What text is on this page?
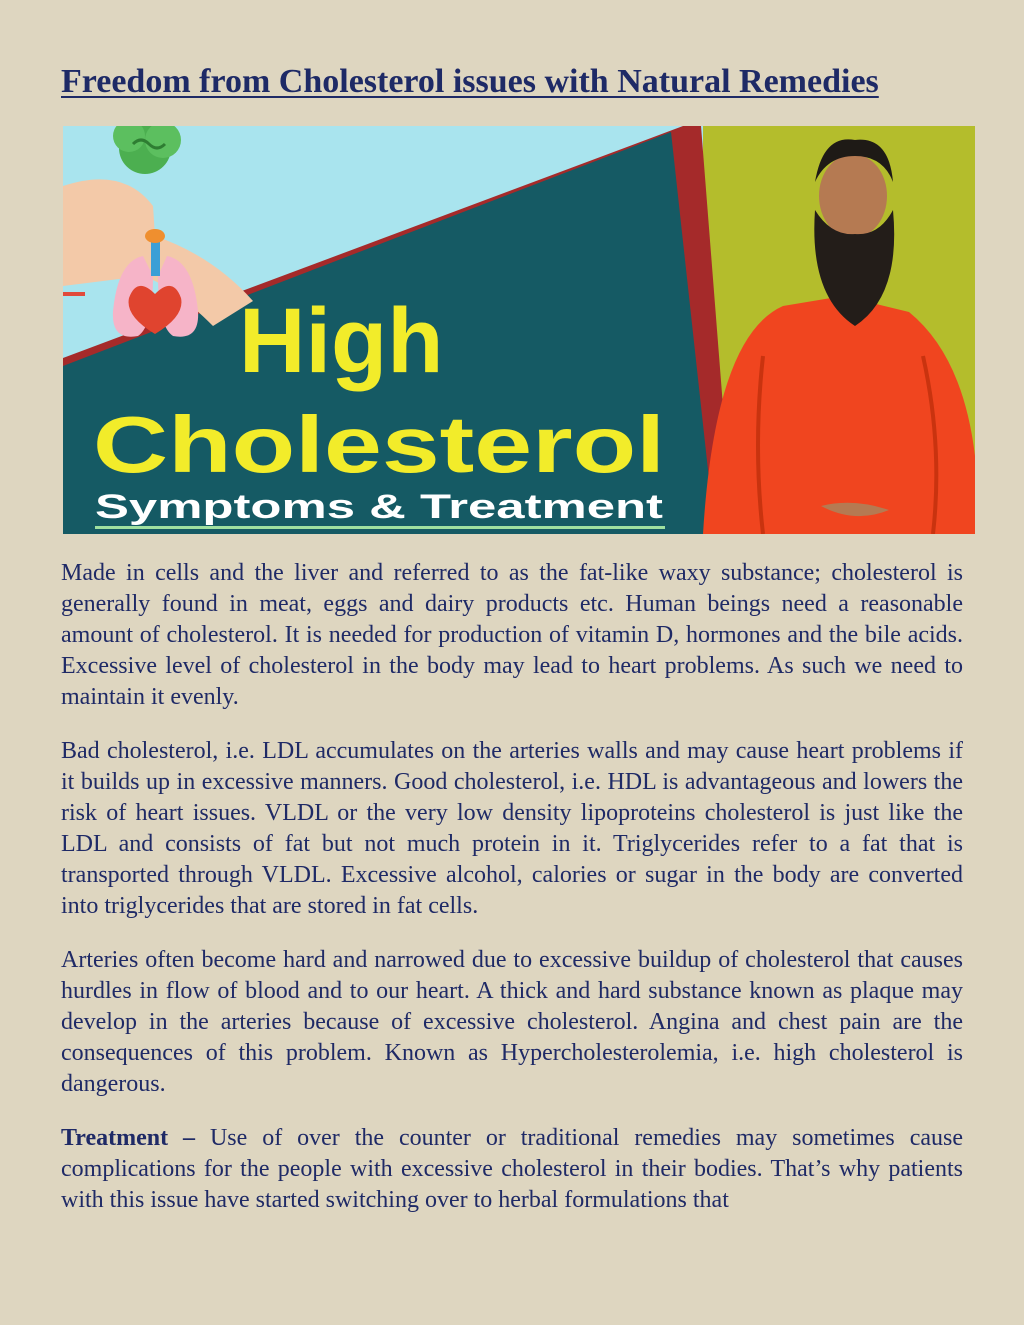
Freedom from Cholesterol issues with Natural Remedies
High
Cholesterol
Symptoms & Treatment

Made in cells and the liver and referred to as the fat-like waxy substance; cholesterol is generally found in meat, eggs and dairy products etc. Human beings need a reasonable amount of cholesterol. It is needed for production of vitamin D, hormones and the bile acids. Excessive level of cholesterol in the body may lead to heart problems. As such we need to maintain it evenly.

Bad cholesterol, i.e. LDL accumulates on the arteries walls and may cause heart problems if it builds up in excessive manners. Good cholesterol, i.e. HDL is advantageous and lowers the risk of heart issues. VLDL or the very low density lipoproteins cholesterol is just like the LDL and consists of fat but not much protein in it. Triglycerides refer to a fat that is transported through VLDL. Excessive alcohol, calories or sugar in the body are converted into triglycerides that are stored in fat cells.

Arteries often become hard and narrowed due to excessive buildup of cholesterol that causes hurdles in flow of blood and to our heart. A thick and hard substance known as plaque may develop in the arteries because of excessive cholesterol. Angina and chest pain are the consequences of this problem. Known as Hypercholesterolemia, i.e. high cholesterol is dangerous.

Treatment – Use of over the counter or traditional remedies may sometimes cause complications for the people with excessive cholesterol in their bodies. That’s why patients with this issue have started switching over to herbal formulations that
